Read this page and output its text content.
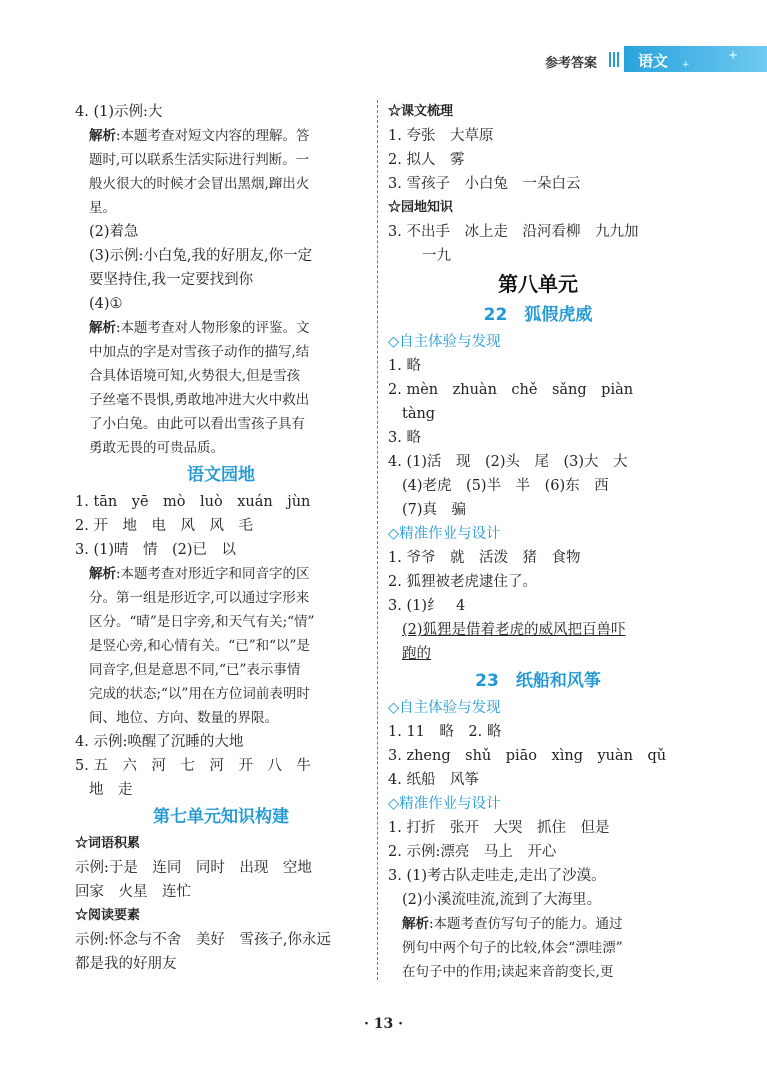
参考答案	语文	+
+
4. (1)示例:大
解析:本题考查对短文内容的理解。答
题时,可以联系生活实际进行判断。一
般火很大的时候才会冒出黑烟,蹿出火
星。
(2)着急
(3)示例:小白兔,我的好朋友,你一定
要坚持住,我一定要找到你
(4)①
解析:本题考查对人物形象的评鉴。文
中加点的字是对雪孩子动作的描写,结
合具体语境可知,火势很大,但是雪孩
子丝毫不畏惧,勇敢地冲进大火中救出
了小白兔。由此可以看出雪孩子具有
勇敢无畏的可贵品质。
语文园地
1. tān　yē　mò　luò　xuán　jùn
2. 开　地　电　风　风　毛
3. (1)晴　情　(2)已　以
解析:本题考查对形近字和同音字的区
分。第一组是形近字,可以通过字形来
区分。“晴”是日字旁,和天气有关;“情”
是竖心旁,和心情有关。“已”和“以”是
同音字,但是意思不同,“已”表示事情
完成的状态;“以”用在方位词前表明时
间、地位、方向、数量的界限。
4. 示例:唤醒了沉睡的大地
5. 五　六　河　七　河　开　八　牛
地　走
第七单元知识构建
☆词语积累
示例:于是　连同　同时　出现　空地
回家　火星　连忙
☆阅读要素
示例:怀念与不舍　美好　雪孩子,你永远
都是我的好朋友
☆课文梳理
1. 夸张　大草原
2. 拟人　雾
3. 雪孩子　小白兔　一朵白云
☆园地知识
3. 不出手　冰上走　沿河看柳　九九加
一九
第八单元
22　狐假虎威
◇自主体验与发现
1. 略
2. mèn　zhuàn　chě　sǎng　piàn
tàng
3. 略
4. (1)活　现　(2)头　尾　(3)大　大
(4)老虎　(5)半　半　(6)东　西
(7)真　骗
◇精准作业与设计
1. 爷爷　就　活泼　猪　食物
2. 狐狸被老虎逮住了。
3. (1)纟　4
(2)狐狸是借着老虎的威风把百兽吓
跑的
23　纸船和风筝
◇自主体验与发现
1. 11　略　2. 略
3. zheng　shǔ　piāo　xìng　yuàn　qǔ
4. 纸船　风筝
◇精准作业与设计
1. 打折　张开　大哭　抓住　但是
2. 示例:漂亮　马上　开心
3. (1)考古队走哇走,走出了沙漠。
(2)小溪流哇流,流到了大海里。
解析:本题考查仿写句子的能力。通过
例句中两个句子的比较,体会“漂哇漂”
在句子中的作用;读起来音韵变长,更
· 13 ·
